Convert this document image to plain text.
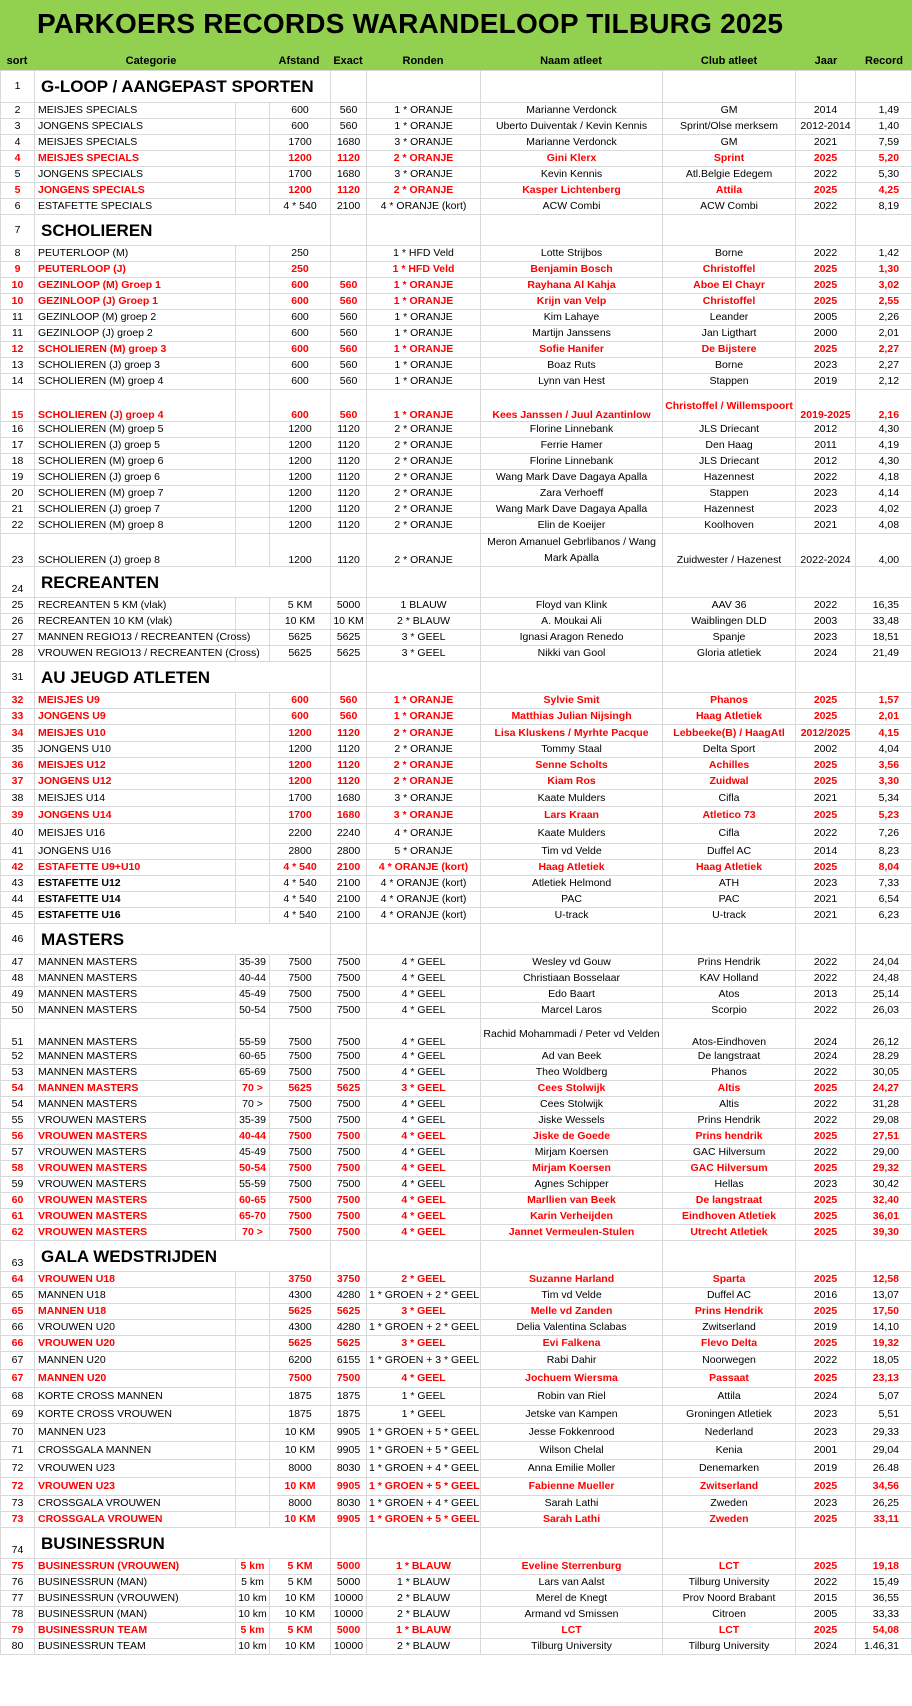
PARKOERS RECORDS WARANDELOOP TILBURG 2025
sort	Categorie	Afstand	Exact	Ronden	Naam atleet	Club atleet	Jaar	Record
1	G-LOOP / AANGEPAST SPORTEN						
2	MEISJES SPECIALS		600	560	1 * ORANJE	Marianne Verdonck	GM	2014	1,49
3	JONGENS SPECIALS		600	560	1 * ORANJE	Uberto Duiventak / Kevin Kennis	Sprint/Olse merksem	2012-2014	1,40
4	MEISJES SPECIALS		1700	1680	3 * ORANJE	Marianne Verdonck	GM	2021	7,59
4	MEISJES SPECIALS		1200	1120	2 * ORANJE	Gini Klerx	Sprint	2025	5,20
5	JONGENS SPECIALS		1700	1680	3 * ORANJE	Kevin Kennis	Atl.Belgie Edegem	2022	5,30
5	JONGENS SPECIALS		1200	1120	2 * ORANJE	Kasper Lichtenberg	Attila	2025	4,25
6	ESTAFETTE SPECIALS		4 * 540	2100	4 * ORANJE (kort)	ACW Combi	ACW Combi	2022	8,19
7	SCHOLIEREN						
8	PEUTERLOOP (M)		250		1 * HFD Veld	Lotte Strijbos	Borne	2022	1,42
9	PEUTERLOOP (J)		250		1 * HFD Veld	Benjamin Bosch	Christoffel	2025	1,30
10	GEZINLOOP (M) Groep 1		600	560	1 * ORANJE	Rayhana Al Kahja	Aboe El Chayr	2025	3,02
10	GEZINLOOP (J) Groep 1		600	560	1 * ORANJE	Krijn van Velp	Christoffel	2025	2,55
11	GEZINLOOP (M) groep 2		600	560	1 * ORANJE	Kim Lahaye	Leander	2005	2,26
11	GEZINLOOP (J) groep 2		600	560	1 * ORANJE	Martijn Janssens	Jan Ligthart	2000	2,01
12	SCHOLIEREN (M) groep 3		600	560	1 * ORANJE	Sofie Hanifer	De Bijstere	2025	2,27
13	SCHOLIEREN (J) groep 3		600	560	1 * ORANJE	Boaz Ruts	Borne	2023	2,27
14	SCHOLIEREN (M) groep 4		600	560	1 * ORANJE	Lynn van Hest	Stappen	2019	2,12
15	SCHOLIEREN (J) groep 4		600	560	1 * ORANJE	Kees Janssen / Juul Azantinlow	Christoffel / Willemspoort	2019-2025	2,16
16	SCHOLIEREN (M) groep 5		1200	1120	2 * ORANJE	Florine Linnebank	JLS Driecant	2012	4,30
17	SCHOLIEREN (J) groep 5		1200	1120	2 * ORANJE	Ferrie Hamer	Den Haag	2011	4,19
18	SCHOLIEREN (M) groep 6		1200	1120	2 * ORANJE	Florine Linnebank	JLS Driecant	2012	4,30
19	SCHOLIEREN (J) groep 6		1200	1120	2 * ORANJE	Wang Mark Dave Dagaya Apalla	Hazennest	2022	4,18
20	SCHOLIEREN (M) groep 7		1200	1120	2 * ORANJE	Zara Verhoeff	Stappen	2023	4,14
21	SCHOLIEREN (J) groep 7		1200	1120	2 * ORANJE	Wang Mark Dave Dagaya Apalla	Hazennest	2023	4,02
22	SCHOLIEREN (M) groep 8		1200	1120	2 * ORANJE	Elin de Koeijer	Koolhoven	2021	4,08
23	SCHOLIEREN (J) groep 8		1200	1120	2 * ORANJE	Meron Amanuel Gebrlibanos / Wang Mark Apalla	Zuidwester / Hazenest	2022-2024	4,00
24	RECREANTEN						
25	RECREANTEN 5 KM (vlak)		5 KM	5000	1 BLAUW	Floyd van Klink	AAV 36	2022	16,35
26	RECREANTEN 10 KM (vlak)		10 KM	10 KM	2 * BLAUW	A. Moukai Ali	Waiblingen DLD	2003	33,48
27	MANNEN REGIO13 / RECREANTEN (Cross)		5625	5625	3 * GEEL	Ignasi Aragon Renedo	Spanje	2023	18,51
28	VROUWEN REGIO13 / RECREANTEN (Cross)		5625	5625	3 * GEEL	Nikki van Gool	Gloria atletiek	2024	21,49
31	AU JEUGD ATLETEN						
32	MEISJES U9		600	560	1 * ORANJE	Sylvie Smit	Phanos	2025	1,57
33	JONGENS U9		600	560	1 * ORANJE	Matthias Julian Nijsingh	Haag Atletiek	2025	2,01
34	MEISJES U10		1200	1120	2 * ORANJE	Lisa Kluskens / Myrhte Pacque	Lebbeeke(B) / HaagAtl	2012/2025	4,15
35	JONGENS U10		1200	1120	2 * ORANJE	Tommy Staal	Delta Sport	2002	4,04
36	MEISJES U12		1200	1120	2 * ORANJE	Senne Scholts	Achilles	2025	3,56
37	JONGENS U12		1200	1120	2 * ORANJE	Kiam Ros	Zuidwal	2025	3,30
38	MEISJES U14		1700	1680	3 * ORANJE	Kaate Mulders	Cifla	2021	5,34
39	JONGENS U14		1700	1680	3 * ORANJE	Lars Kraan	Atletico 73	2025	5,23
40	MEISJES U16		2200	2240	4 * ORANJE	Kaate Mulders	Cifla	2022	7,26
41	JONGENS U16		2800	2800	5 * ORANJE	Tim vd Velde	Duffel AC	2014	8,23
42	ESTAFETTE U9+U10		4 * 540	2100	4 * ORANJE (kort)	Haag Atletiek	Haag Atletiek	2025	8,04
43	ESTAFETTE U12		4 * 540	2100	4 * ORANJE (kort)	Atletiek Helmond	ATH	2023	7,33
44	ESTAFETTE U14		4 * 540	2100	4 * ORANJE (kort)	PAC	PAC	2021	6,54
45	ESTAFETTE U16		4 * 540	2100	4 * ORANJE (kort)	U-track	U-track	2021	6,23
46	MASTERS						
47	MANNEN MASTERS	35-39	7500	7500	4 * GEEL	Wesley vd Gouw	Prins Hendrik	2022	24,04
48	MANNEN MASTERS	40-44	7500	7500	4 * GEEL	Christiaan Bosselaar	KAV Holland	2022	24,48
49	MANNEN MASTERS	45-49	7500	7500	4 * GEEL	Edo Baart	Atos	2013	25,14
50	MANNEN MASTERS	50-54	7500	7500	4 * GEEL	Marcel Laros	Scorpio	2022	26,03
51	MANNEN MASTERS	55-59	7500	7500	4 * GEEL	Rachid Mohammadi / Peter vd Velden	Atos-Eindhoven	2024	26,12
52	MANNEN MASTERS	60-65	7500	7500	4 * GEEL	Ad van Beek	De langstraat	2024	28.29
53	MANNEN MASTERS	65-69	7500	7500	4 * GEEL	Theo Woldberg	Phanos	2022	30,05
54	MANNEN MASTERS	70 >	5625	5625	3 * GEEL	Cees Stolwijk	Altis	2025	24,27
54	MANNEN MASTERS	70 >	7500	7500	4 * GEEL	Cees Stolwijk	Altis	2022	31,28
55	VROUWEN MASTERS	35-39	7500	7500	4 * GEEL	Jiske Wessels	Prins Hendrik	2022	29,08
56	VROUWEN MASTERS	40-44	7500	7500	4 * GEEL	Jiske de Goede	Prins hendrik	2025	27,51
57	VROUWEN MASTERS	45-49	7500	7500	4 * GEEL	Mirjam Koersen	GAC Hilversum	2022	29,00
58	VROUWEN MASTERS	50-54	7500	7500	4 * GEEL	Mirjam Koersen	GAC Hilversum	2025	29,32
59	VROUWEN MASTERS	55-59	7500	7500	4 * GEEL	Agnes Schipper	Hellas	2023	30,42
60	VROUWEN MASTERS	60-65	7500	7500	4 * GEEL	Marllien van Beek	De langstraat	2025	32,40
61	VROUWEN MASTERS	65-70	7500	7500	4 * GEEL	Karin Verheijden	Eindhoven Atletiek	2025	36,01
62	VROUWEN MASTERS	70 >	7500	7500	4 * GEEL	Jannet Vermeulen-Stulen	Utrecht Atletiek	2025	39,30
63	GALA WEDSTRIJDEN						
64	VROUWEN U18		3750	3750	2 * GEEL	Suzanne Harland	Sparta	2025	12,58
65	MANNEN U18		4300	4280	1 * GROEN + 2 * GEEL	Tim vd Velde	Duffel AC	2016	13,07
65	MANNEN U18		5625	5625	3 * GEEL	Melle vd Zanden	Prins Hendrik	2025	17,50
66	VROUWEN U20		4300	4280	1 * GROEN + 2 * GEEL	Delia Valentina Sclabas	Zwitserland	2019	14,10
66	VROUWEN U20		5625	5625	3 * GEEL	Evi Falkena	Flevo Delta	2025	19,32
67	MANNEN U20		6200	6155	1 * GROEN + 3 * GEEL	Rabi Dahir	Noorwegen	2022	18,05
67	MANNEN U20		7500	7500	4 * GEEL	Jochuem Wiersma	Passaat	2025	23,13
68	KORTE CROSS MANNEN		1875	1875	1 * GEEL	Robin van Riel	Attila	2024	5,07
69	KORTE CROSS VROUWEN		1875	1875	1 * GEEL	Jetske van Kampen	Groningen Atletiek	2023	5,51
70	MANNEN U23		10 KM	9905	1 * GROEN + 5 * GEEL	Jesse Fokkenrood	Nederland	2023	29,33
71	CROSSGALA MANNEN		10 KM	9905	1 * GROEN + 5 * GEEL	Wilson Chelal	Kenia	2001	29,04
72	VROUWEN U23		8000	8030	1 * GROEN + 4 * GEEL	Anna Emilie Moller	Denemarken	2019	26.48
72	VROUWEN U23		10 KM	9905	1 * GROEN + 5 * GEEL	Fabienne Mueller	Zwitserland	2025	34,56
73	CROSSGALA VROUWEN		8000	8030	1 * GROEN + 4 * GEEL	Sarah Lathi	Zweden	2023	26,25
73	CROSSGALA VROUWEN		10 KM	9905	1 * GROEN + 5 * GEEL	Sarah Lathi	Zweden	2025	33,11
74	BUSINESSRUN						
75	BUSINESSRUN (VROUWEN)	5 km	5 KM	5000	1 * BLAUW	Eveline Sterrenburg	LCT	2025	19,18
76	BUSINESSRUN (MAN)	5 km	5 KM	5000	1 * BLAUW	Lars van Aalst	Tilburg University	2022	15,49
77	BUSINESSRUN (VROUWEN)	10 km	10 KM	10000	2 * BLAUW	Merel de Knegt	Prov Noord Brabant	2015	36,55
78	BUSINESSRUN (MAN)	10 km	10 KM	10000	2 * BLAUW	Armand vd Smissen	Citroen	2005	33,33
79	BUSINESSRUN TEAM	5 km	5 KM	5000	1 * BLAUW	LCT	LCT	2025	54,08
80	BUSINESSRUN TEAM	10 km	10 KM	10000	2 * BLAUW	Tilburg University	Tilburg University	2024	1.46,31
